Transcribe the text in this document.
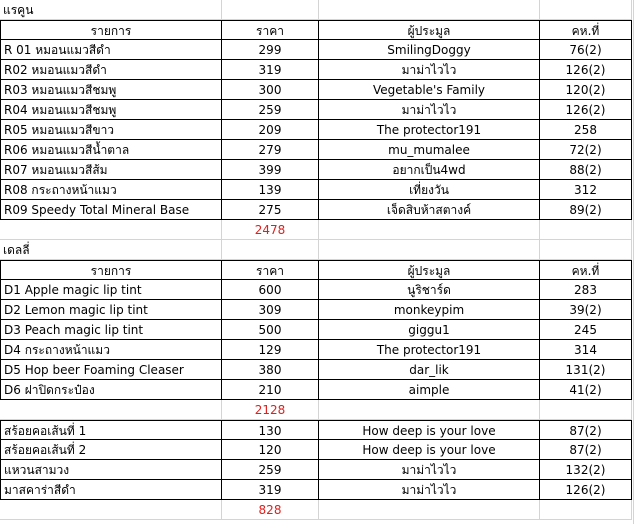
แรคูน
รายการ	ราคา	ผู้ประมูล	คห.ที่
R 01 หมอนแมวสีดำ	299	SmilingDoggy	76(2)
R02 หมอนแมวสีดำ	319	มาม่าไวไว	126(2)
R03 หมอนแมวสีชมพู	300	Vegetable's Family	120(2)
R04 หมอนแมวสีชมพู	259	มาม่าไวไว	126(2)
R05 หมอนแมวสีขาว	209	The protector191	258
R06 หมอนแมวสีน้ำตาล	279	mu_mumalee	72(2)
R07 หมอนแมวสีส้ม	399	อยากเป็น4wd	88(2)
R08 กระถางหน้าแมว	139	เที่ยงวัน	312
R09 Speedy Total Mineral Base	275	เจ็ดสิบห้าสตางค์	89(2)
2478
เดลลี่
รายการ	ราคา	ผู้ประมูล	คห.ที่
D1 Apple magic lip tint	600	นูริชาร์ด	283
D2 Lemon magic lip tint	309	monkeypim	39(2)
D3 Peach magic lip tint	500	giggu1	245
D4 กระถางหน้าแมว	129	The protector191	314
D5 Hop beer Foaming Cleaser	380	dar_lik	131(2)
D6 ฝาปิดกระป๋อง	210	aimple	41(2)
2128
สร้อยคอเส้นที่ 1	130	How deep is your love	87(2)
สร้อยคอเส้นที่ 2	120	How deep is your love	87(2)
แหวนสามวง	259	มาม่าไวไว	132(2)
มาสคาร่าสีดำ	319	มาม่าไวไว	126(2)
828
